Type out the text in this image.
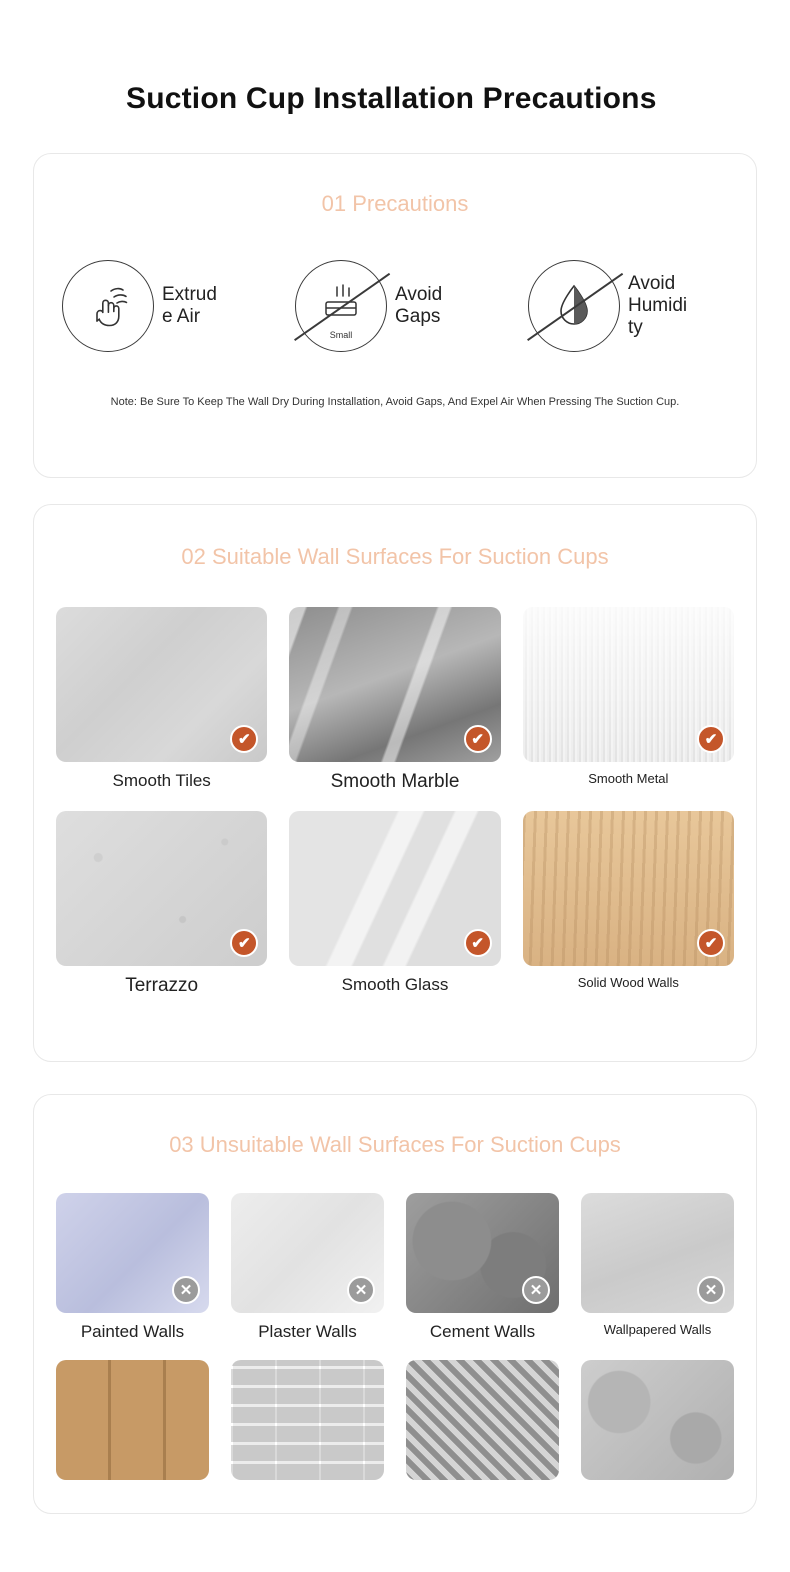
Suction Cup Installation Precautions
01 Precautions
Extrude Air
Small
Avoid Gaps
Avoid Humidity
Note: Be Sure To Keep The Wall Dry During Installation, Avoid Gaps, And Expel Air When Pressing The Suction Cup.
02 Suitable Wall Surfaces For Suction Cups
✔
Smooth Tiles
✔
Smooth Marble
✔
Smooth Metal
✔
Terrazzo
✔
Smooth Glass
✔
Solid Wood Walls
03 Unsuitable Wall Surfaces For Suction Cups
✕
Painted Walls
✕
Plaster Walls
✕
Cement Walls
✕
Wallpapered Walls
